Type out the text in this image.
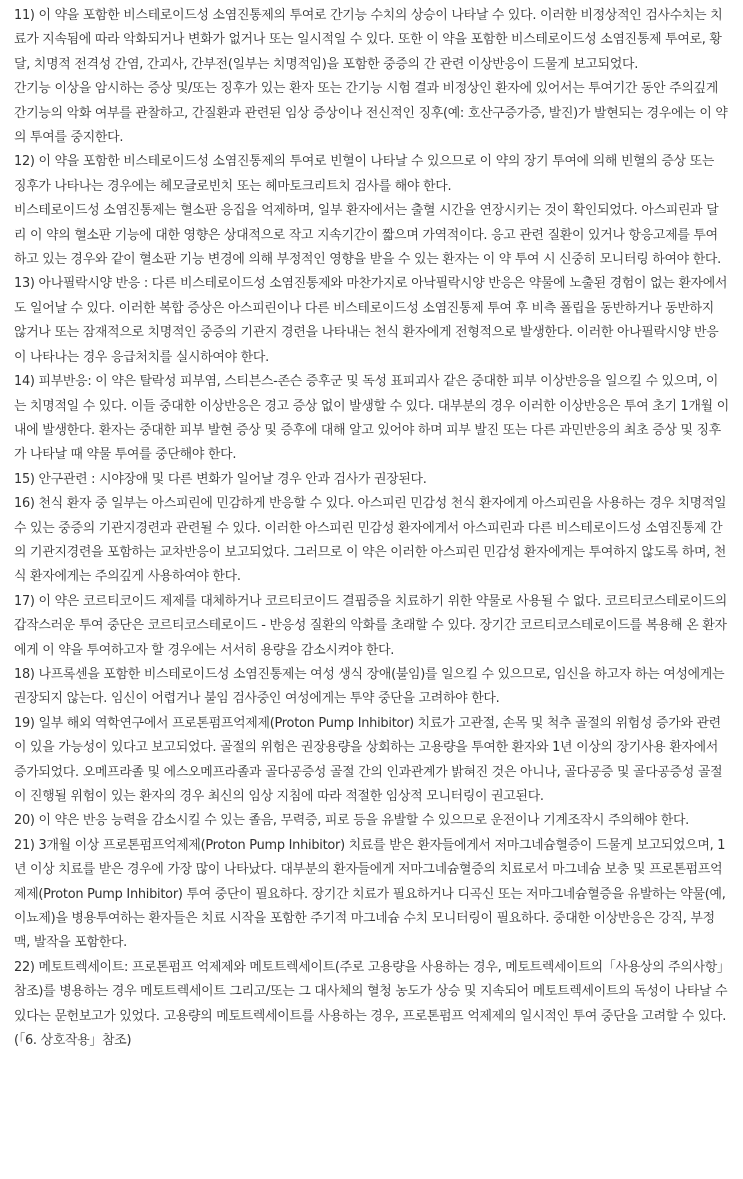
11) 이 약을 포함한 비스테로이드성 소염진통제의 투여로 간기능 수치의 상승이 나타날 수 있다. 이러한 비정상적인 검사수치는 치료가 지속됨에 따라 악화되거나 변화가 없거나 또는 일시적일 수 있다. 또한 이 약을 포함한 비스테로이드성 소염진통제 투여로, 황달, 치명적 전격성 간염, 간괴사, 간부전(일부는 치명적임)을 포함한 중증의 간 관련 이상반응이 드물게 보고되었다.

간기능 이상을 암시하는 증상 및/또는 징후가 있는 환자 또는 간기능 시험 결과 비정상인 환자에 있어서는 투여기간 동안 주의깊게 간기능의 악화 여부를 관찰하고, 간질환과 관련된 임상 증상이나 전신적인 징후(예: 호산구증가증, 발진)가 발현되는 경우에는 이 약의 투여를 중지한다.

12) 이 약을 포함한 비스테로이드성 소염진통제의 투여로 빈혈이 나타날 수 있으므로 이 약의 장기 투여에 의해 빈혈의 증상 또는 징후가 나타나는 경우에는 헤모글로빈치 또는 헤마토크리트치 검사를 해야 한다.

비스테로이드성 소염진통제는 혈소판 응집을 억제하며, 일부 환자에서는 출혈 시간을 연장시키는 것이 확인되었다. 아스피린과 달리 이 약의 혈소판 기능에 대한 영향은 상대적으로 작고 지속기간이 짧으며 가역적이다. 응고 관련 질환이 있거나 항응고제를 투여하고 있는 경우와 같이 혈소판 기능 변경에 의해 부정적인 영향을 받을 수 있는 환자는 이 약 투여 시 신중히 모니터링 하여야 한다.

13) 아나필락시양 반응 : 다른 비스테로이드성 소염진통제와 마찬가지로 아낙필락시양 반응은 약물에 노출된 경험이 없는 환자에서도 일어날 수 있다. 이러한 복합 증상은 아스피린이나 다른 비스테로이드성 소염진통제 투여 후 비측 폴립을 동반하거나 동반하지 않거나 또는 잠재적으로 치명적인 중증의 기관지 경련을 나타내는 천식 환자에게 전형적으로 발생한다. 이러한 아나필락시양 반응이 나타나는 경우 응급처치를 실시하여야 한다.

14) 피부반응: 이 약은 탈락성 피부염, 스티븐스-존슨 증후군 및 독성 표피괴사 같은 중대한 피부 이상반응을 일으킬 수 있으며, 이는 치명적일 수 있다. 이들 중대한 이상반응은 경고 증상 없이 발생할 수 있다. 대부분의 경우 이러한 이상반응은 투여 초기 1개월 이내에 발생한다. 환자는 중대한 피부 발현 증상 및 증후에 대해 알고 있어야 하며 피부 발진 또는 다른 과민반응의 최초 증상 및 징후가 나타날 때 약물 투여를 중단해야 한다.

15) 안구관련 : 시야장애 및 다른 변화가 일어날 경우 안과 검사가 권장된다.

16) 천식 환자 중 일부는 아스피린에 민감하게 반응할 수 있다. 아스피린 민감성 천식 환자에게 아스피린을 사용하는 경우 치명적일 수 있는 중증의 기관지경련과 관련될 수 있다. 이러한 아스피린 민감성 환자에게서 아스피린과 다른 비스테로이드성 소염진통제 간의 기관지경련을 포함하는 교차반응이 보고되었다. 그러므로 이 약은 이러한 아스피린 민감성 환자에게는 투여하지 않도록 하며, 천식 환자에게는 주의깊게 사용하여야 한다.

17) 이 약은 코르티코이드 제제를 대체하거나 코르티코이드 결핍증을 치료하기 위한 약물로 사용될 수 없다. 코르티코스테로이드의 갑작스러운 투여 중단은 코르티코스테로이드 - 반응성 질환의 악화를 초래할 수 있다. 장기간 코르티코스테로이드를 복용해 온 환자에게 이 약을 투여하고자 할 경우에는 서서히 용량을 감소시켜야 한다.

18) 나프록센을 포함한 비스테로이드성 소염진통제는 여성 생식 장애(불임)를 일으킬 수 있으므로, 임신을 하고자 하는 여성에게는 권장되지 않는다. 임신이 어렵거나 불임 검사중인 여성에게는 투약 중단을 고려하야 한다.

19) 일부 해외 역학연구에서 프로톤펌프억제제(Proton Pump Inhibitor) 치료가 고관절, 손목 및 척추 골절의 위험성 증가와 관련이 있을 가능성이 있다고 보고되었다. 골절의 위험은 권장용량을 상회하는 고용량을 투여한 환자와 1년 이상의 장기사용 환자에서 증가되었다. 오메프라졸 및 에스오메프라졸과 골다공증성 골절 간의 인과관계가 밝혀진 것은 아니나, 골다공증 및 골다공증성 골절이 진행될 위험이 있는 환자의 경우 최신의 임상 지침에 따라 적절한 임상적 모니터링이 권고된다.

20) 이 약은 반응 능력을 감소시킬 수 있는 졸음, 무력증, 피로 등을 유발할 수 있으므로 운전이나 기계조작시 주의해야 한다.

21) 3개월 이상 프로톤펌프억제제(Proton Pump Inhibitor) 치료를 받은 환자들에게서 저마그네슘혈증이 드물게 보고되었으며, 1년 이상 치료를 받은 경우에 가장 많이 나타났다. 대부분의 환자들에게 저마그네슘혈증의 치료로서 마그네슘 보충 및 프로톤펌프억제제(Proton Pump Inhibitor) 투여 중단이 필요하다. 장기간 치료가 필요하거나 디곡신 또는 저마그네슘혈증을 유발하는 약물(예, 이뇨제)을 병용투여하는 환자들은 치료 시작을 포함한 주기적 마그네슘 수치 모니터링이 필요하다. 중대한 이상반응은 강직, 부정맥, 발작을 포함한다.

22) 메토트렉세이트: 프로톤펌프 억제제와 메토트렉세이트(주로 고용량을 사용하는 경우, 메토트렉세이트의「사용상의 주의사항」참조)를 병용하는 경우 메토트렉세이트 그리고/또는 그 대사체의 혈청 농도가 상승 및 지속되어 메토트렉세이트의 독성이 나타날 수 있다는 문헌보고가 있었다. 고용량의 메토트렉세이트를 사용하는 경우, 프로톤펌프 억제제의 일시적인 투여 중단을 고려할 수 있다.(「6. 상호작용」참조)
